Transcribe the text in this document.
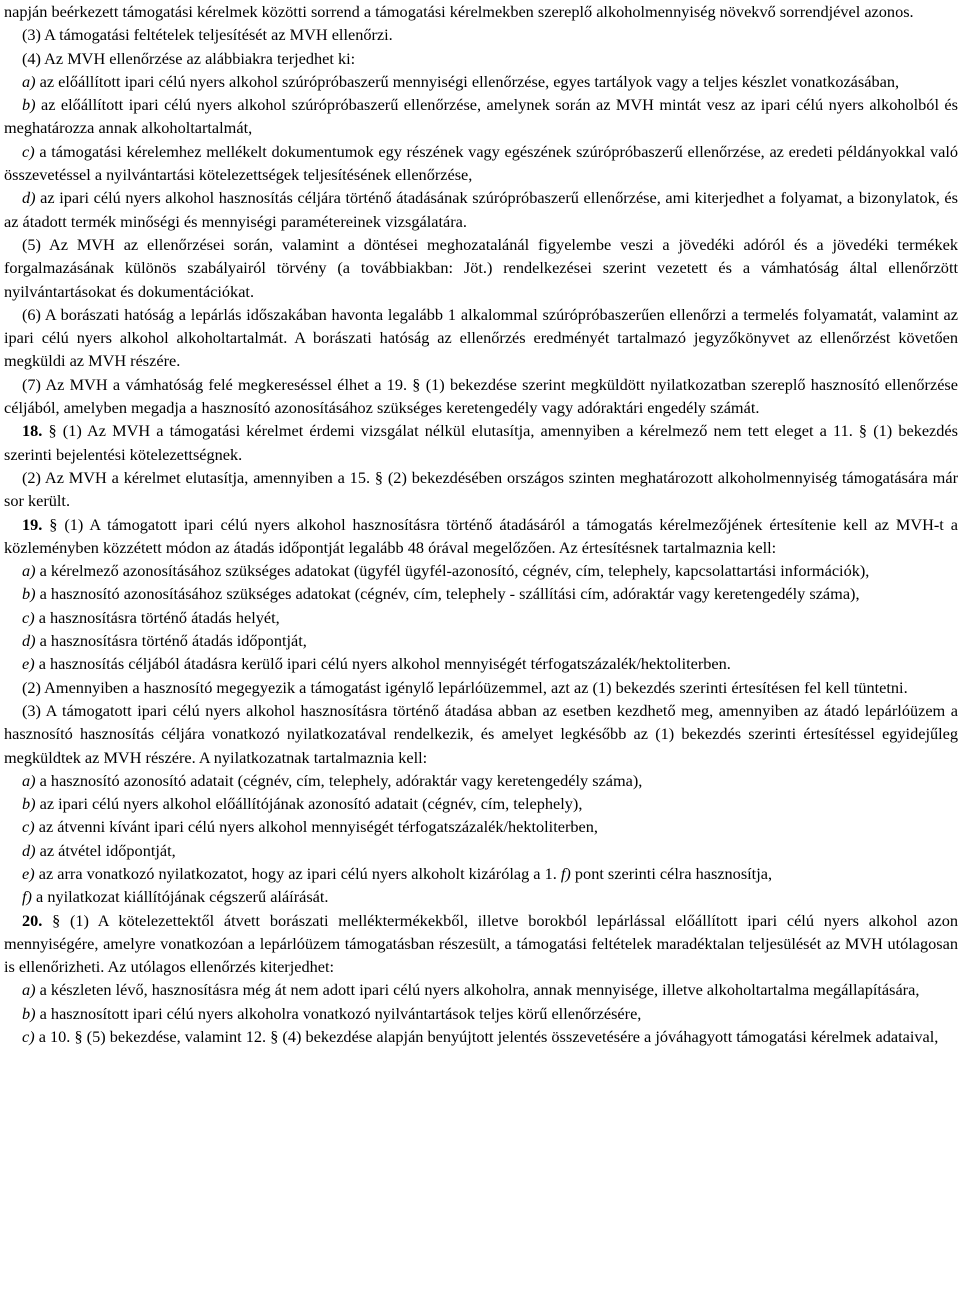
napján beérkezett támogatási kérelmek közötti sorrend a támogatási kérelmekben szereplő alkoholmennyiség növekvő sorrendjével azonos.

(3) A támogatási feltételek teljesítését az MVH ellenőrzi.

(4) Az MVH ellenőrzése az alábbiakra terjedhet ki:

a) az előállított ipari célú nyers alkohol szúrópróbaszerű mennyiségi ellenőrzése, egyes tartályok vagy a teljes készlet vonatkozásában,

b) az előállított ipari célú nyers alkohol szúrópróbaszerű ellenőrzése, amelynek során az MVH mintát vesz az ipari célú nyers alkoholból és meghatározza annak alkoholtartalmát,

c) a támogatási kérelemhez mellékelt dokumentumok egy részének vagy egészének szúrópróbaszerű ellenőrzése, az eredeti példányokkal való összevetéssel a nyilvántartási kötelezettségek teljesítésének ellenőrzése,

d) az ipari célú nyers alkohol hasznosítás céljára történő átadásának szúrópróbaszerű ellenőrzése, ami kiterjedhet a folyamat, a bizonylatok, és az átadott termék minőségi és mennyiségi paramétereinek vizsgálatára.

(5) Az MVH az ellenőrzései során, valamint a döntései meghozatalánál figyelembe veszi a jövedéki adóról és a jövedéki termékek forgalmazásának különös szabályairól törvény (a továbbiakban: Jöt.) rendelkezései szerint vezetett és a vámhatóság által ellenőrzött nyilvántartásokat és dokumentációkat.

(6) A borászati hatóság a lepárlás időszakában havonta legalább 1 alkalommal szúrópróbaszerűen ellenőrzi a termelés folyamatát, valamint az ipari célú nyers alkohol alkoholtartalmát. A borászati hatóság az ellenőrzés eredményét tartalmazó jegyzőkönyvet az ellenőrzést követően megküldi az MVH részére.

(7) Az MVH a vámhatóság felé megkereséssel élhet a 19. § (1) bekezdése szerint megküldött nyilatkozatban szereplő hasznosító ellenőrzése céljából, amelyben megadja a hasznosító azonosításához szükséges keretengedély vagy adóraktári engedély számát.

18. § (1) Az MVH a támogatási kérelmet érdemi vizsgálat nélkül elutasítja, amennyiben a kérelmező nem tett eleget a 11. § (1) bekezdés szerinti bejelentési kötelezettségnek.

(2) Az MVH a kérelmet elutasítja, amennyiben a 15. § (2) bekezdésében országos szinten meghatározott alkoholmennyiség támogatására már sor került.

19. § (1) A támogatott ipari célú nyers alkohol hasznosításra történő átadásáról a támogatás kérelmezőjének értesítenie kell az MVH-t a közleményben közzétett módon az átadás időpontját legalább 48 órával megelőzően. Az értesítésnek tartalmaznia kell:

a) a kérelmező azonosításához szükséges adatokat (ügyfél ügyfél-azonosító, cégnév, cím, telephely, kapcsolattartási információk),

b) a hasznosító azonosításához szükséges adatokat (cégnév, cím, telephely - szállítási cím, adóraktár vagy keretengedély száma),

c) a hasznosításra történő átadás helyét,

d) a hasznosításra történő átadás időpontját,

e) a hasznosítás céljából átadásra kerülő ipari célú nyers alkohol mennyiségét térfogatszázalék/hektoliterben.

(2) Amennyiben a hasznosító megegyezik a támogatást igénylő lepárlóüzemmel, azt az (1) bekezdés szerinti értesítésen fel kell tüntetni.

(3) A támogatott ipari célú nyers alkohol hasznosításra történő átadása abban az esetben kezdhető meg, amennyiben az átadó lepárlóüzem a hasznosító hasznosítás céljára vonatkozó nyilatkozatával rendelkezik, és amelyet legkésőbb az (1) bekezdés szerinti értesítéssel egyidejűleg megküldtek az MVH részére. A nyilatkozatnak tartalmaznia kell:

a) a hasznosító azonosító adatait (cégnév, cím, telephely, adóraktár vagy keretengedély száma),

b) az ipari célú nyers alkohol előállítójának azonosító adatait (cégnév, cím, telephely),

c) az átvenni kívánt ipari célú nyers alkohol mennyiségét térfogatszázalék/hektoliterben,

d) az átvétel időpontját,

e) az arra vonatkozó nyilatkozatot, hogy az ipari célú nyers alkoholt kizárólag a 1. f) pont szerinti célra hasznosítja,

f) a nyilatkozat kiállítójának cégszerű aláírását.

20. § (1) A kötelezettektől átvett borászati melléktermékekből, illetve borokból lepárlással előállított ipari célú nyers alkohol azon mennyiségére, amelyre vonatkozóan a lepárlóüzem támogatásban részesült, a támogatási feltételek maradéktalan teljesülését az MVH utólagosan is ellenőrizheti. Az utólagos ellenőrzés kiterjedhet:

a) a készleten lévő, hasznosításra még át nem adott ipari célú nyers alkoholra, annak mennyisége, illetve alkoholtartalma megállapítására,

b) a hasznosított ipari célú nyers alkoholra vonatkozó nyilvántartások teljes körű ellenőrzésére,

c) a 10. § (5) bekezdése, valamint 12. § (4) bekezdése alapján benyújtott jelentés összevetésére a jóváhagyott támogatási kérelmek adataival,
